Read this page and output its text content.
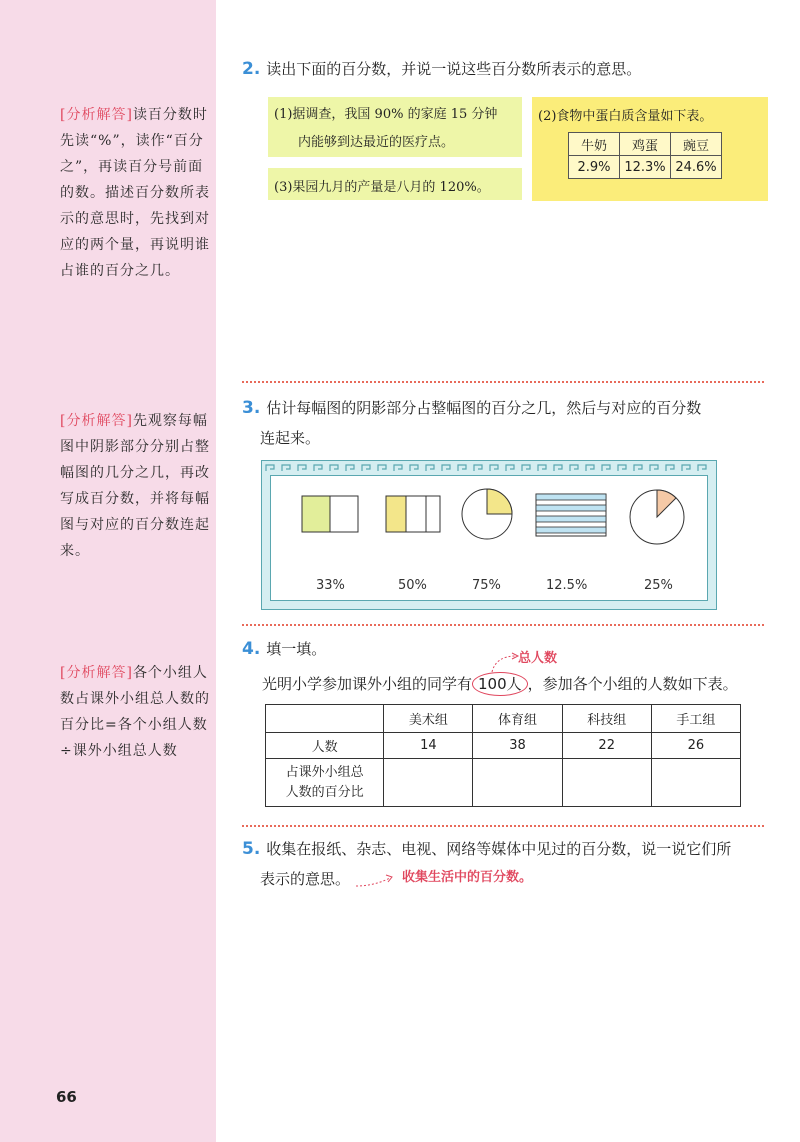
[分析解答]读百分数时先读“%”，读作“百分之”，再读百分号前面的数。描述百分数所表示的意思时，先找到对应的两个量，再说明谁占谁的百分之几。
[分析解答]先观察每幅图中阴影部分分别占整幅图的几分之几，再改写成百分数，并将每幅图与对应的百分数连起来。
[分析解答]各个小组人数占课外小组总人数的百分比=各个小组人数÷课外小组总人数
66
2. 读出下面的百分数，并说一说这些百分数所表示的意思。
(1)据调查，我国 90% 的家庭 15 分钟
内能够到达最近的医疗点。
(3)果园九月的产量是八月的 120%。
(2)食物中蛋白质含量如下表。
牛奶	鸡蛋	豌豆
2.9%	12.3%	24.6%
3. 估计每幅图的阴影部分占整幅图的百分之几，然后与对应的百分数
连起来。
33%	50%	75%	12.5%	25%
4. 填一填。
总人数
光明小学参加课外小组的同学有 100人 ，参加各个小组的人数如下表。
	美术组	体育组	科技组	手工组
人数	14	38	22	26

占课外小组总
人数的百分比				

5. 收集在报纸、杂志、电视、网络等媒体中见过的百分数，说一说它们所
表示的意思。	收集生活中的百分数。
